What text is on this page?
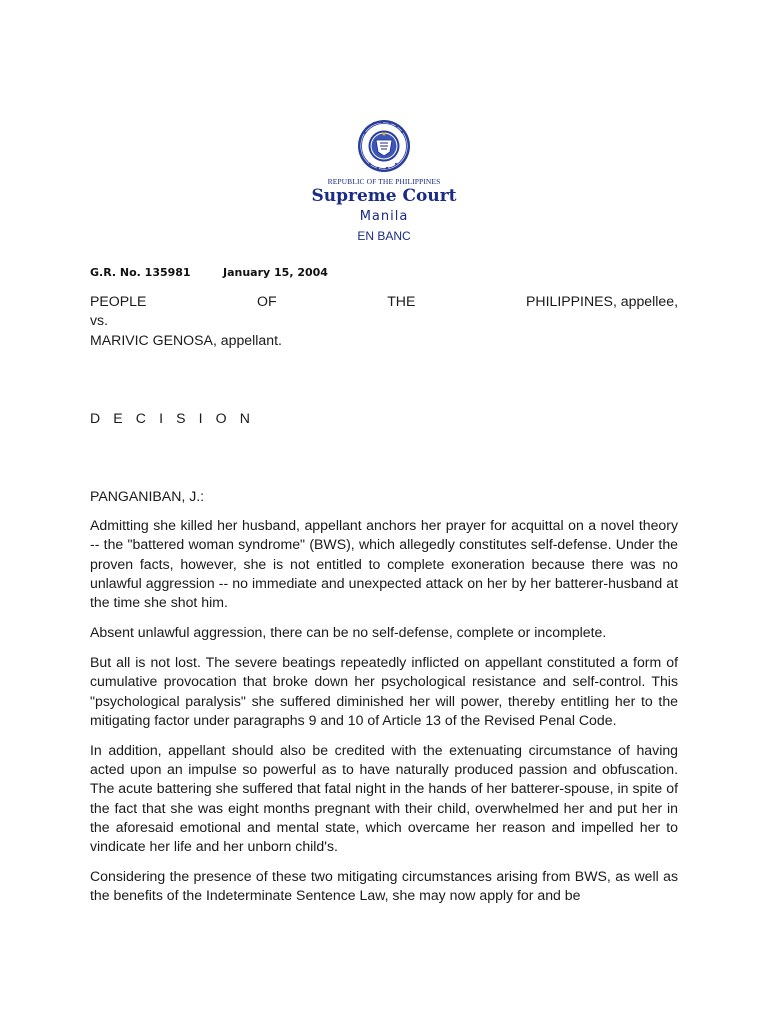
REPUBLIC OF THE PHILIPPINES
Supreme Court
Manila
EN BANC
G.R. No. 135981	January 15, 2004
PEOPLE	OF	THE	PHILIPPINES, appellee,
vs.
MARIVIC GENOSA, appellant.
D E C I S I O N
PANGANIBAN, J.:

Admitting she killed her husband, appellant anchors her prayer for acquittal on a novel theory -- the "battered woman syndrome" (BWS), which allegedly constitutes self-defense. Under the proven facts, however, she is not entitled to complete exoneration because there was no unlawful aggression -- no immediate and unexpected attack on her by her batterer-husband at the time she shot him.

Absent unlawful aggression, there can be no self-defense, complete or incomplete.

But all is not lost. The severe beatings repeatedly inflicted on appellant constituted a form of cumulative provocation that broke down her psychological resistance and self-control. This "psychological paralysis" she suffered diminished her will power, thereby entitling her to the mitigating factor under paragraphs 9 and 10 of Article 13 of the Revised Penal Code.

In addition, appellant should also be credited with the extenuating circumstance of having acted upon an impulse so powerful as to have naturally produced passion and obfuscation. The acute battering she suffered that fatal night in the hands of her batterer-spouse, in spite of the fact that she was eight months pregnant with their child, overwhelmed her and put her in the aforesaid emotional and mental state, which overcame her reason and impelled her to vindicate her life and her unborn child's.

Considering the presence of these two mitigating circumstances arising from BWS, as well as the benefits of the Indeterminate Sentence Law, she may now apply for and be
